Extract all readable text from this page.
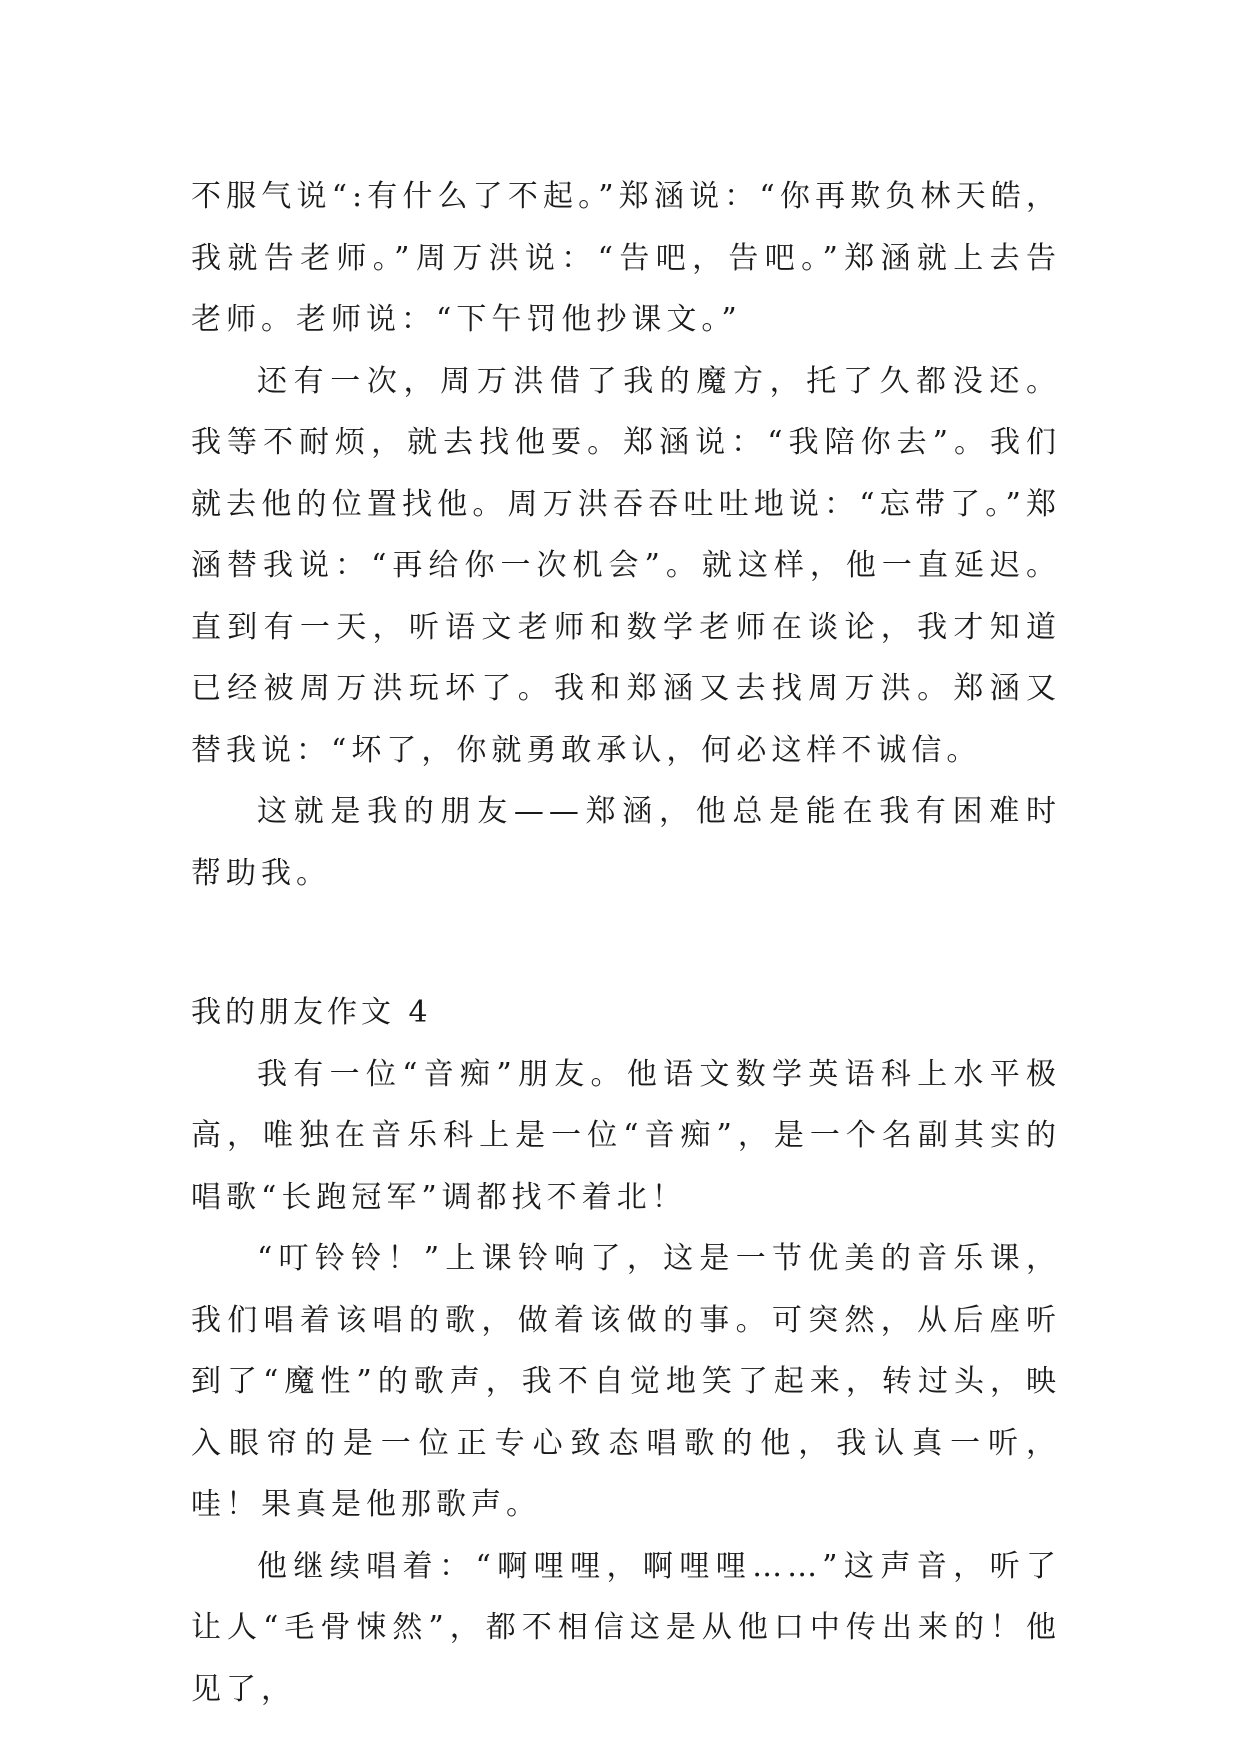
不服气说“:有什么了不起。”郑涵说：“你再欺负林天皓，我就告老师。”周万洪说：“告吧，告吧。”郑涵就上去告老师。老师说：“下午罚他抄课文。”

还有一次，周万洪借了我的魔方，托了久都没还。我等不耐烦，就去找他要。郑涵说：“我陪你去”。我们就去他的位置找他。周万洪吞吞吐吐地说：“忘带了。”郑涵替我说：“再给你一次机会”。就这样，他一直延迟。直到有一天，听语文老师和数学老师在谈论，我才知道已经被周万洪玩坏了。我和郑涵又去找周万洪。郑涵又替我说：“坏了，你就勇敢承认，何必这样不诚信。

这就是我的朋友——郑涵，他总是能在我有困难时帮助我。

我的朋友作文 4

我有一位“音痴”朋友。他语文数学英语科上水平极高，唯独在音乐科上是一位“音痴”，是一个名副其实的唱歌“长跑冠军”调都找不着北！

“叮铃铃！”上课铃响了，这是一节优美的音乐课，我们唱着该唱的歌，做着该做的事。可突然，从后座听到了“魔性”的歌声，我不自觉地笑了起来，转过头，映入眼帘的是一位正专心致态唱歌的他，我认真一听，哇！果真是他那歌声。

他继续唱着：“啊哩哩，啊哩哩……”这声音，听了让人“毛骨悚然”，都不相信这是从他口中传出来的！他见了，
